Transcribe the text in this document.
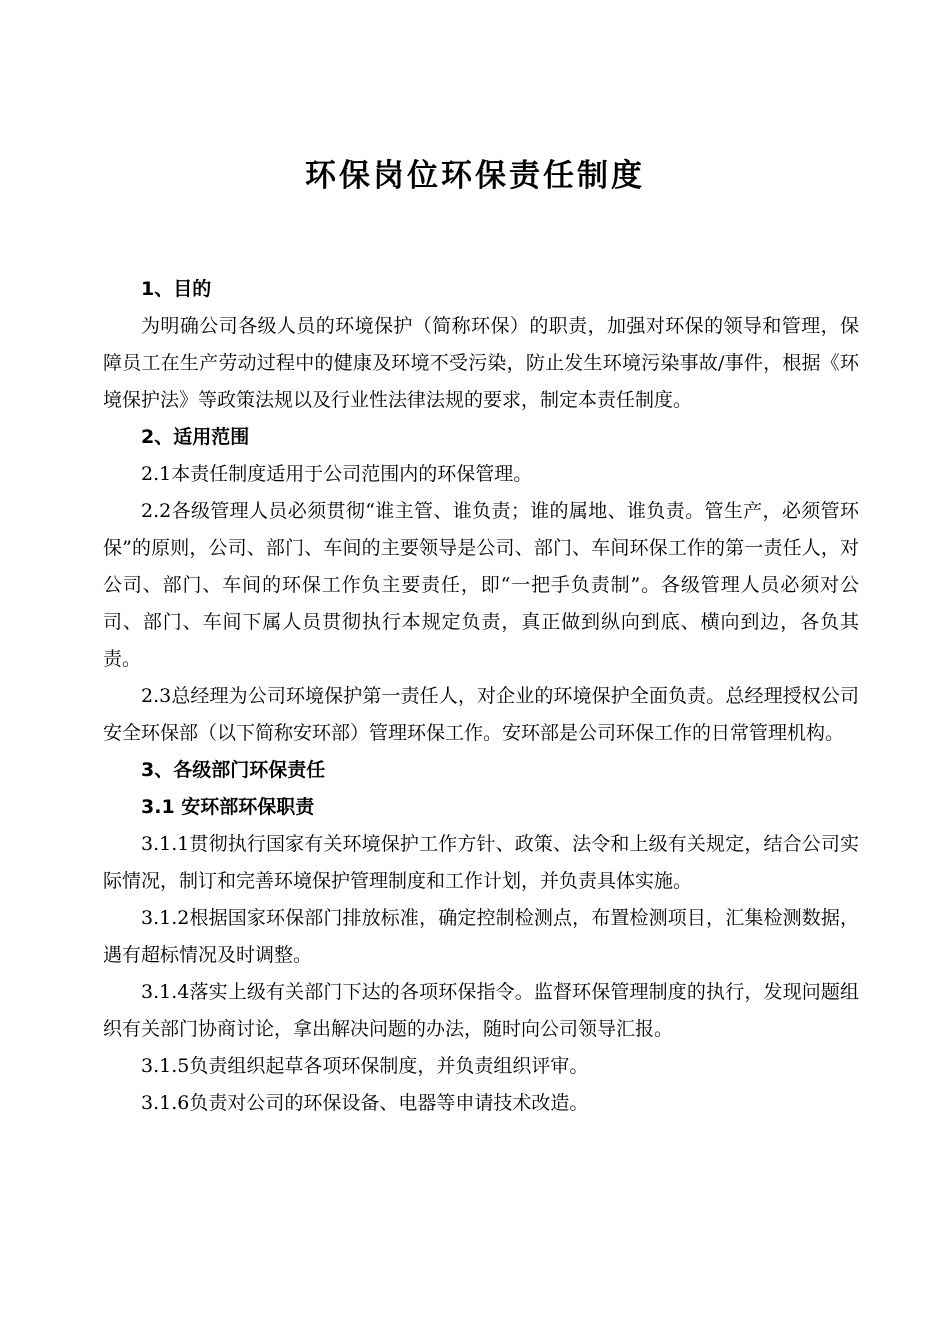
环保岗位环保责任制度

1、目的

为明确公司各级人员的环境保护（简称环保）的职责，加强对环保的领导和管理，保障员工在生产劳动过程中的健康及环境不受污染，防止发生环境污染事故/事件，根据《环境保护法》等政策法规以及行业性法律法规的要求，制定本责任制度。

2、适用范围

2.1本责任制度适用于公司范围内的环保管理。

2.2各级管理人员必须贯彻“谁主管、谁负责；谁的属地、谁负责。管生产，必须管环保”的原则，公司、部门、车间的主要领导是公司、部门、车间环保工作的第一责任人，对公司、部门、车间的环保工作负主要责任，即“一把手负责制”。各级管理人员必须对公司、部门、车间下属人员贯彻执行本规定负责，真正做到纵向到底、横向到边，各负其责。

2.3总经理为公司环境保护第一责任人，对企业的环境保护全面负责。总经理授权公司安全环保部（以下简称安环部）管理环保工作。安环部是公司环保工作的日常管理机构。

3、各级部门环保责任

3.1 安环部环保职责

3.1.1贯彻执行国家有关环境保护工作方针、政策、法令和上级有关规定，结合公司实际情况，制订和完善环境保护管理制度和工作计划，并负责具体实施。

3.1.2根据国家环保部门排放标准，确定控制检测点，布置检测项目，汇集检测数据，遇有超标情况及时调整。

3.1.4落实上级有关部门下达的各项环保指令。监督环保管理制度的执行，发现问题组织有关部门协商讨论，拿出解决问题的办法，随时向公司领导汇报。

3.1.5负责组织起草各项环保制度，并负责组织评审。

3.1.6负责对公司的环保设备、电器等申请技术改造。
